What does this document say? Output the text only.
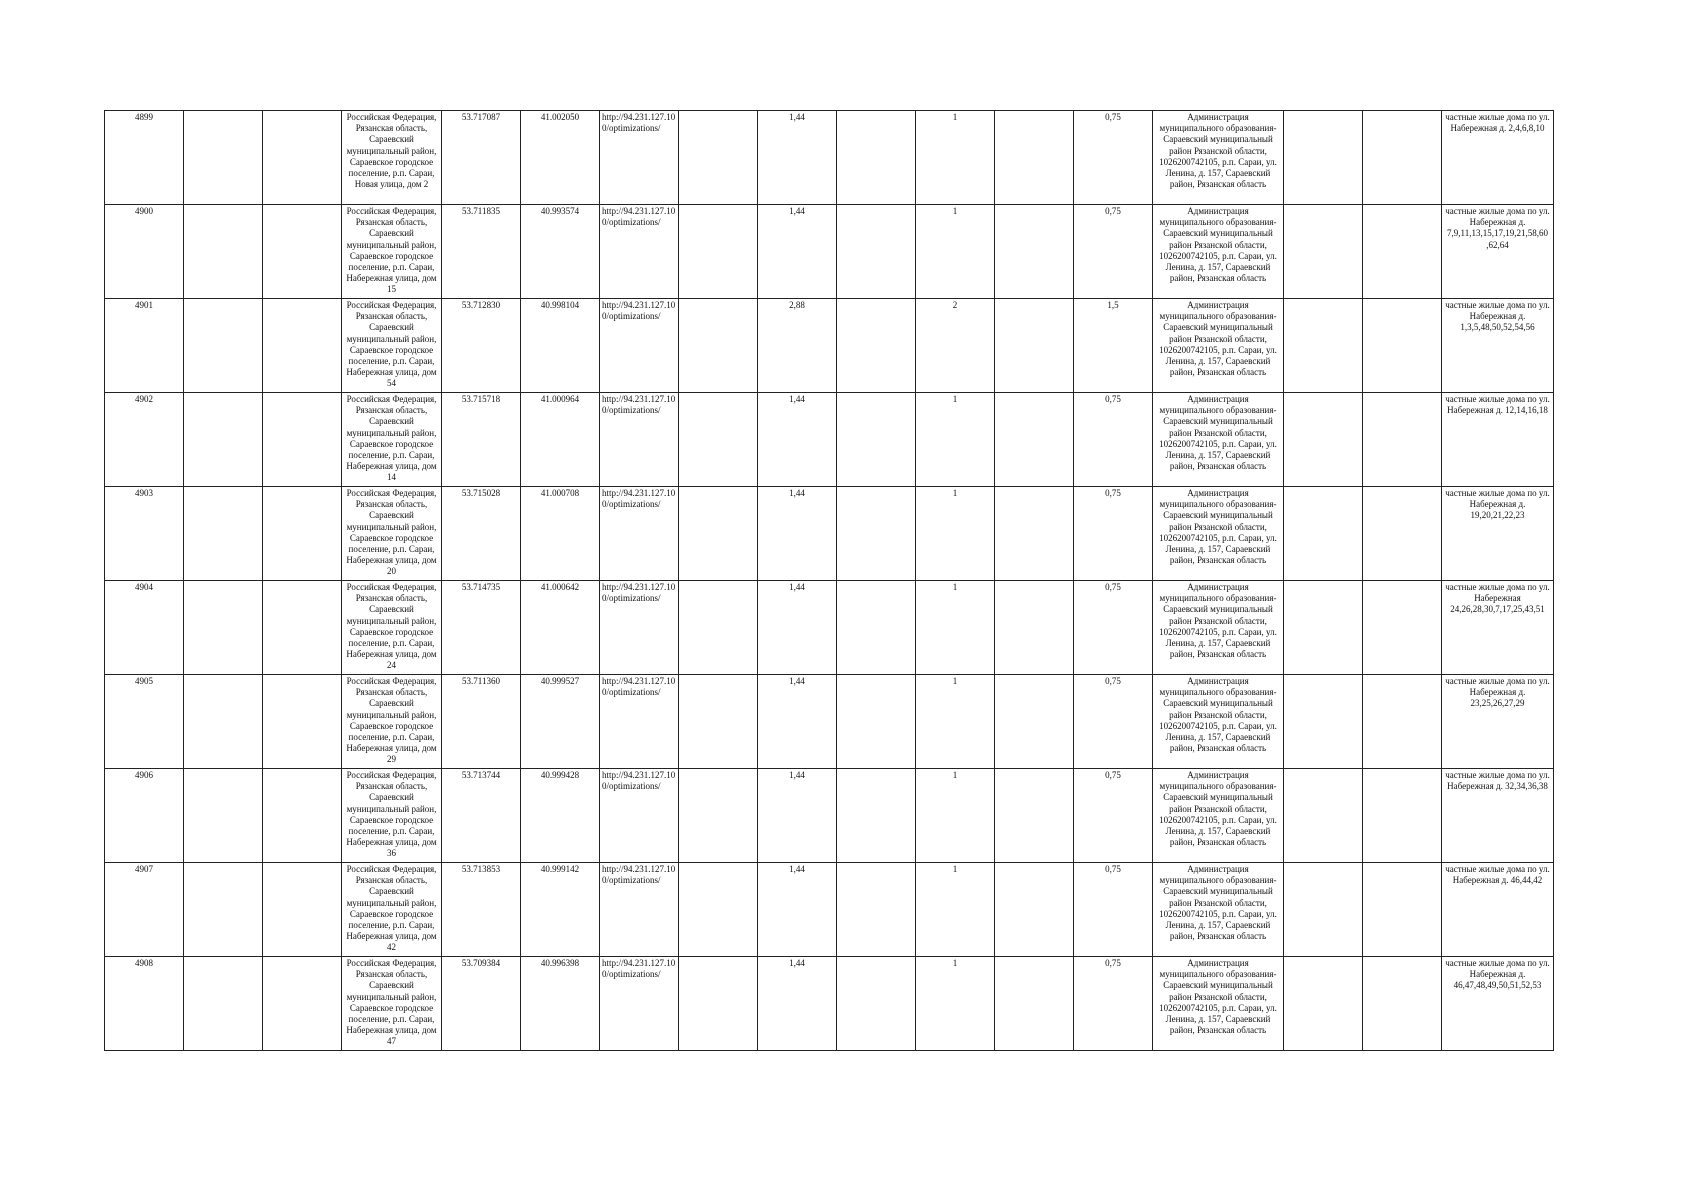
4899			Российская Федерация, Рязанская область, Сараевский муниципальный район, Сараевское городское поселение, р.п. Сараи, Новая улица, дом 2	53.717087	41.002050	http://94.231.127.10 0/optimizations/		1,44		1		0,75	Администрация муниципального образования-Сараевский муниципальный район Рязанской области, 1026200742105, р.п. Сараи, ул. Ленина, д. 157, Сараевский район, Рязанская область			частные жилые дома по ул. Набережная д. 2,4,6,8,10
4900			Российская Федерация, Рязанская область, Сараевский муниципальный район, Сараевское городское поселение, р.п. Сараи, Набережная улица, дом 15	53.711835	40.993574	http://94.231.127.10 0/optimizations/		1,44		1		0,75	Администрация муниципального образования-Сараевский муниципальный район Рязанской области, 1026200742105, р.п. Сараи, ул. Ленина, д. 157, Сараевский район, Рязанская область			частные жилые дома по ул. Набережная д. 7,9,11,13,15,17,19,21,58,60 ,62,64
4901			Российская Федерация, Рязанская область, Сараевский муниципальный район, Сараевское городское поселение, р.п. Сараи, Набережная улица, дом 54	53.712830	40.998104	http://94.231.127.10 0/optimizations/		2,88		2		1,5	Администрация муниципального образования-Сараевский муниципальный район Рязанской области, 1026200742105, р.п. Сараи, ул. Ленина, д. 157, Сараевский район, Рязанская область			частные жилые дома по ул. Набережная д. 1,3,5,48,50,52,54,56
4902			Российская Федерация, Рязанская область, Сараевский муниципальный район, Сараевское городское поселение, р.п. Сараи, Набережная улица, дом 14	53.715718	41.000964	http://94.231.127.10 0/optimizations/		1,44		1		0,75	Администрация муниципального образования-Сараевский муниципальный район Рязанской области, 1026200742105, р.п. Сараи, ул. Ленина, д. 157, Сараевский район, Рязанская область			частные жилые дома по ул. Набережная д. 12,14,16,18
4903			Российская Федерация, Рязанская область, Сараевский муниципальный район, Сараевское городское поселение, р.п. Сараи, Набережная улица, дом 20	53.715028	41.000708	http://94.231.127.10 0/optimizations/		1,44		1		0,75	Администрация муниципального образования-Сараевский муниципальный район Рязанской области, 1026200742105, р.п. Сараи, ул. Ленина, д. 157, Сараевский район, Рязанская область			частные жилые дома по ул. Набережная д. 19,20,21,22,23
4904			Российская Федерация, Рязанская область, Сараевский муниципальный район, Сараевское городское поселение, р.п. Сараи, Набережная улица, дом 24	53.714735	41.000642	http://94.231.127.10 0/optimizations/		1,44		1		0,75	Администрация муниципального образования-Сараевский муниципальный район Рязанской области, 1026200742105, р.п. Сараи, ул. Ленина, д. 157, Сараевский район, Рязанская область			частные жилые дома по ул. Набережная 24,26,28,30,7,17,25,43,51
4905			Российская Федерация, Рязанская область, Сараевский муниципальный район, Сараевское городское поселение, р.п. Сараи, Набережная улица, дом 29	53.711360	40.999527	http://94.231.127.10 0/optimizations/		1,44		1		0,75	Администрация муниципального образования-Сараевский муниципальный район Рязанской области, 1026200742105, р.п. Сараи, ул. Ленина, д. 157, Сараевский район, Рязанская область			частные жилые дома по ул. Набережная д. 23,25,26,27,29
4906			Российская Федерация, Рязанская область, Сараевский муниципальный район, Сараевское городское поселение, р.п. Сараи, Набережная улица, дом 36	53.713744	40.999428	http://94.231.127.10 0/optimizations/		1,44		1		0,75	Администрация муниципального образования-Сараевский муниципальный район Рязанской области, 1026200742105, р.п. Сараи, ул. Ленина, д. 157, Сараевский район, Рязанская область			частные жилые дома по ул. Набережная д. 32,34,36,38
4907			Российская Федерация, Рязанская область, Сараевский муниципальный район, Сараевское городское поселение, р.п. Сараи, Набережная улица, дом 42	53.713853	40.999142	http://94.231.127.10 0/optimizations/		1,44		1		0,75	Администрация муниципального образования-Сараевский муниципальный район Рязанской области, 1026200742105, р.п. Сараи, ул. Ленина, д. 157, Сараевский район, Рязанская область			частные жилые дома по ул. Набережная д. 46,44,42
4908			Российская Федерация, Рязанская область, Сараевский муниципальный район, Сараевское городское поселение, р.п. Сараи, Набережная улица, дом 47	53.709384	40.996398	http://94.231.127.10 0/optimizations/		1,44		1		0,75	Администрация муниципального образования-Сараевский муниципальный район Рязанской области, 1026200742105, р.п. Сараи, ул. Ленина, д. 157, Сараевский район, Рязанская область			частные жилые дома по ул. Набережная д. 46,47,48,49,50,51,52,53
